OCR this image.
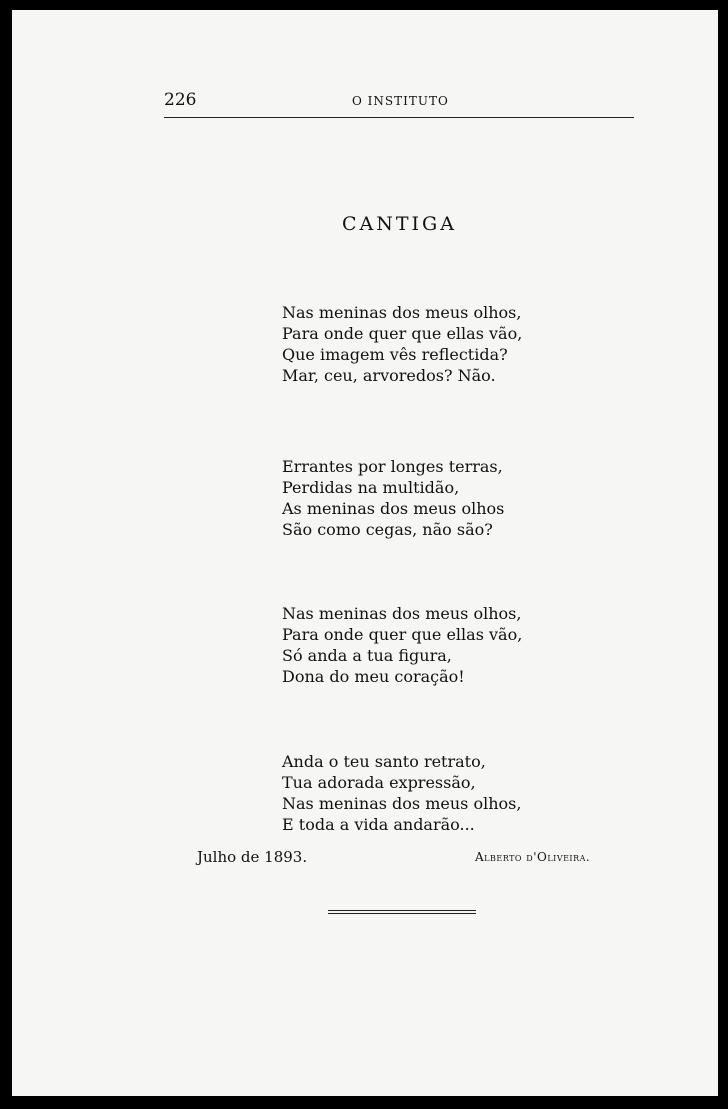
226	O INSTITUTO
CANTIGA
Nas meninas dos meus olhos,
Para onde quer que ellas vão,
Que imagem vês reflectida?
Mar, ceu, arvoredos? Não.
Errantes por longes terras,
Perdidas na multidão,
As meninas dos meus olhos
São como cegas, não são?
Nas meninas dos meus olhos,
Para onde quer que ellas vão,
Só anda a tua figura,
Dona do meu coração!
Anda o teu santo retrato,
Tua adorada expressão,
Nas meninas dos meus olhos,
E toda a vida andarão...
Julho de 1893.	Alberto d'Oliveira.
